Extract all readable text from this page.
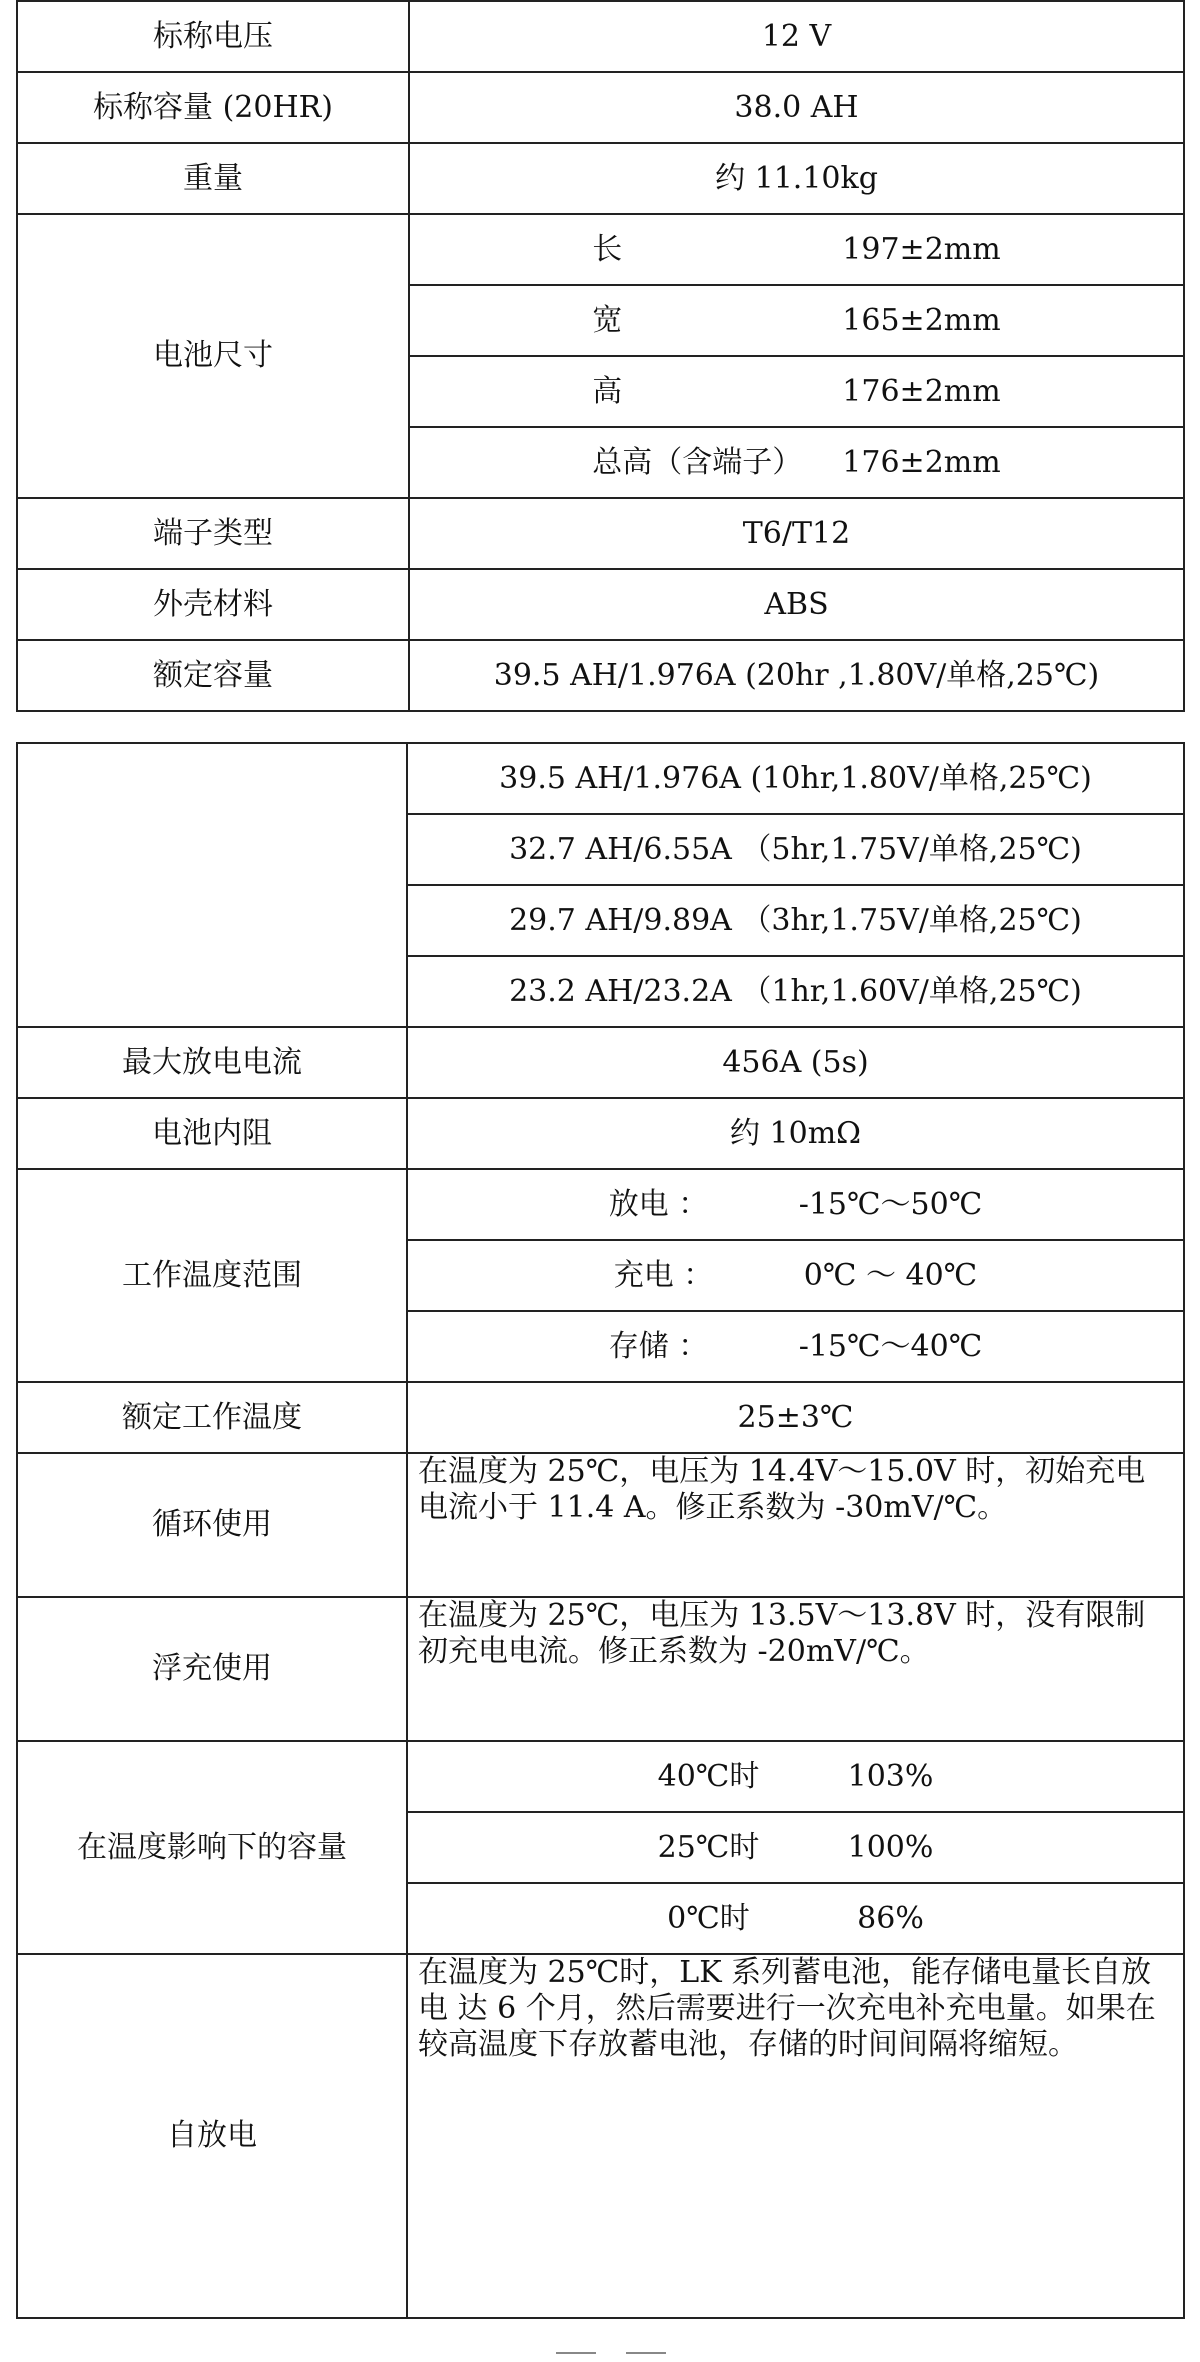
标称电压	12 V
标称容量 (20HR)	38.0 AH
重量	约 11.10kg
电池尺寸	长 197±2mm
	宽 165±2mm
	高 176±2mm
	总高（含端子） 176±2mm
端子类型	T6/T12
外壳材料	ABS
额定容量	39.5 AH/1.976A (20hr ,1.80V/单格,25℃)
	39.5 AH/1.976A (10hr,1.80V/单格,25℃)
	32.7 AH/6.55A （5hr,1.75V/单格,25℃)
	29.7 AH/9.89A （3hr,1.75V/单格,25℃)
	23.2 AH/23.2A （1hr,1.60V/单格,25℃)
最大放电电流	456A (5s)
电池内阻	约 10mΩ
工作温度范围	放电 ： -15℃～50℃
	充电 ： 0℃ ～ 40℃
	存储 ： -15℃～40℃
额定工作温度	25±3℃
循环使用	在温度为 25℃，电压为 14.4V～15.0V 时，初始充电电流小于 11.4 A。修正系数为 -30mV/℃。
浮充使用	在温度为 25℃，电压为 13.5V～13.8V 时，没有限制初充电电流。修正系数为 -20mV/℃。
在温度影响下的容量	40℃时 103%
	25℃时 100%
	0℃时 86%
自放电	在温度为 25℃时，LK 系列蓄电池，能存储电量长自放电 达 6 个月，然后需要进行一次充电补充电量。如果在较高温度下存放蓄电池，存储的时间间隔将缩短。
